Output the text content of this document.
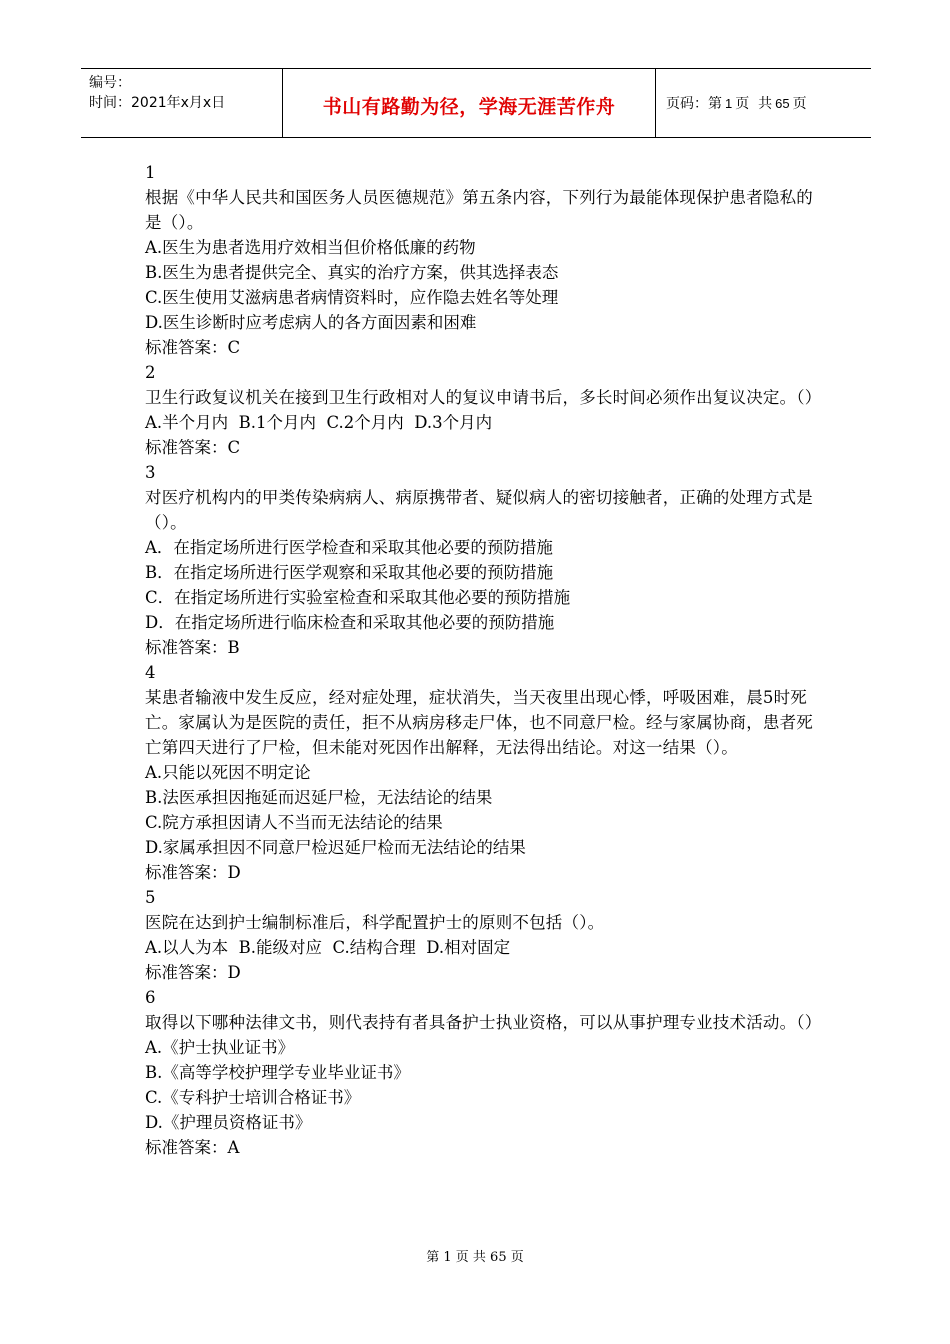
编号：
时间：2021年x月x日	书山有路勤为径，学海无涯苦作舟	页码：第 1 页  共 65 页
1
根据《中华人民共和国医务人员医德规范》第五条内容，下列行为最能体现保护患者隐私的是（）。
A.医生为患者选用疗效相当但价格低廉的药物
B.医生为患者提供完全、真实的治疗方案，供其选择表态
C.医生使用艾滋病患者病情资料时，应作隐去姓名等处理
D.医生诊断时应考虑病人的各方面因素和困难
标准答案：C
2
卫生行政复议机关在接到卫生行政相对人的复议申请书后，多长时间必须作出复议决定。（）
A.半个月内  B.1个月内  C.2个月内  D.3个月内
标准答案：C
3
对医疗机构内的甲类传染病病人、病原携带者、疑似病人的密切接触者，正确的处理方式是（）。
A．在指定场所进行医学检查和采取其他必要的预防措施
B．在指定场所进行医学观察和采取其他必要的预防措施
C．在指定场所进行实验室检查和采取其他必要的预防措施
D．在指定场所进行临床检查和采取其他必要的预防措施
标准答案：B
4
某患者输液中发生反应，经对症处理，症状消失，当天夜里出现心悸，呼吸困难，晨5时死亡。家属认为是医院的责任，拒不从病房移走尸体，也不同意尸检。经与家属协商，患者死亡第四天进行了尸检，但未能对死因作出解释，无法得出结论。对这一结果（）。
A.只能以死因不明定论
B.法医承担因拖延而迟延尸检，无法结论的结果
C.院方承担因请人不当而无法结论的结果
D.家属承担因不同意尸检迟延尸检而无法结论的结果
标准答案：D
5
医院在达到护士编制标准后，科学配置护士的原则不包括（）。
A.以人为本  B.能级对应  C.结构合理  D.相对固定
标准答案：D
6
取得以下哪种法律文书，则代表持有者具备护士执业资格，可以从事护理专业技术活动。（）
A.《护士执业证书》
B.《高等学校护理学专业毕业证书》
C.《专科护士培训合格证书》
D.《护理员资格证书》
标准答案：A
第 1 页 共 65 页
